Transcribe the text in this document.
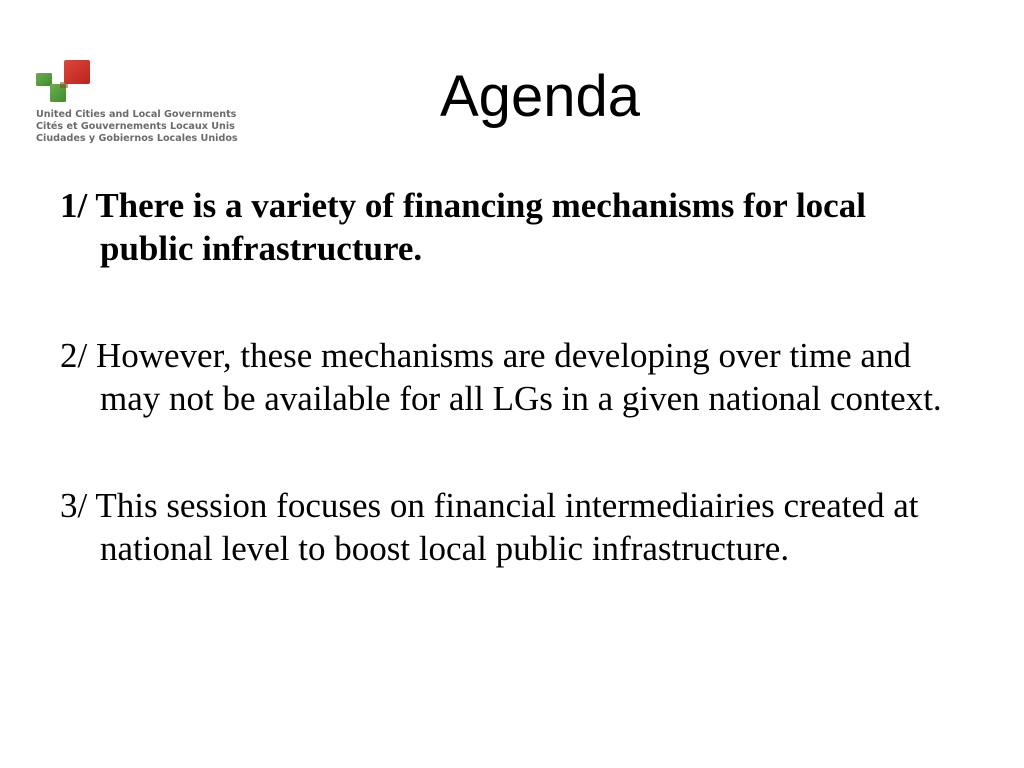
United Cities and Local Governments
Cités et Gouvernements Locaux Unis
Ciudades y Gobiernos Locales Unidos
Agenda

1/ There is a variety of financing mechanisms for local public infrastructure.

2/ However, these mechanisms are developing over time and may not be available for all LGs in a given national context.

3/ This session focuses on financial intermediairies created at national level to boost local public infrastructure.
